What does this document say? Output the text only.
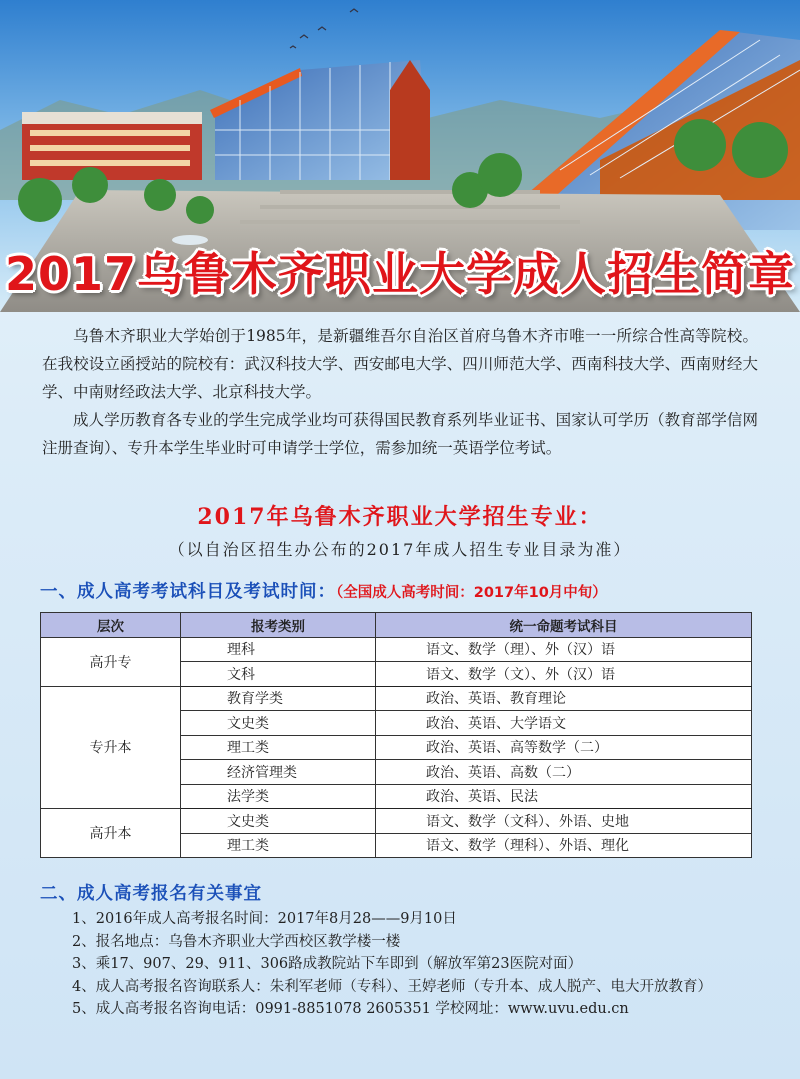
2017乌鲁木齐职业大学成人招生简章

乌鲁木齐职业大学始创于1985年，是新疆维吾尔自治区首府乌鲁木齐市唯一一所综合性高等院校。在我校设立函授站的院校有：武汉科技大学、西安邮电大学、四川师范大学、西南科技大学、西南财经大学、中南财经政法大学、北京科技大学。

成人学历教育各专业的学生完成学业均可获得国民教育系列毕业证书、国家认可学历（教育部学信网注册查询）、专升本学生毕业时可申请学士学位，需参加统一英语学位考试。

2017年乌鲁木齐职业大学招生专业：
（以自治区招生办公布的2017年成人招生专业目录为准）
一、成人高考考试科目及考试时间：（全国成人高考时间：2017年10月中旬）
层次	报考类别	统一命题考试科目
高升专	理科	语文、数学（理）、外（汉）语
	文科	语文、数学（文）、外（汉）语
专升本	教育学类	政治、英语、教育理论
	文史类	政治、英语、大学语文
	理工类	政治、英语、高等数学（二）
	经济管理类	政治、英语、高数（二）
	法学类	政治、英语、民法
高升本	文史类	语文、数学（文科）、外语、史地
	理工类	语文、数学（理科）、外语、理化
二、成人高考报名有关事宜
1、2016年成人高考报名时间：2017年8月28——9月10日
2、报名地点：乌鲁木齐职业大学西校区教学楼一楼
3、乘17、907、29、911、306路成教院站下车即到（解放军第23医院对面）
4、成人高考报名咨询联系人：朱利军老师（专科）、王婷老师（专升本、成人脱产、电大开放教育）
5、成人高考报名咨询电话：0991-8851078 2605351 学校网址：www.uvu.edu.cn
